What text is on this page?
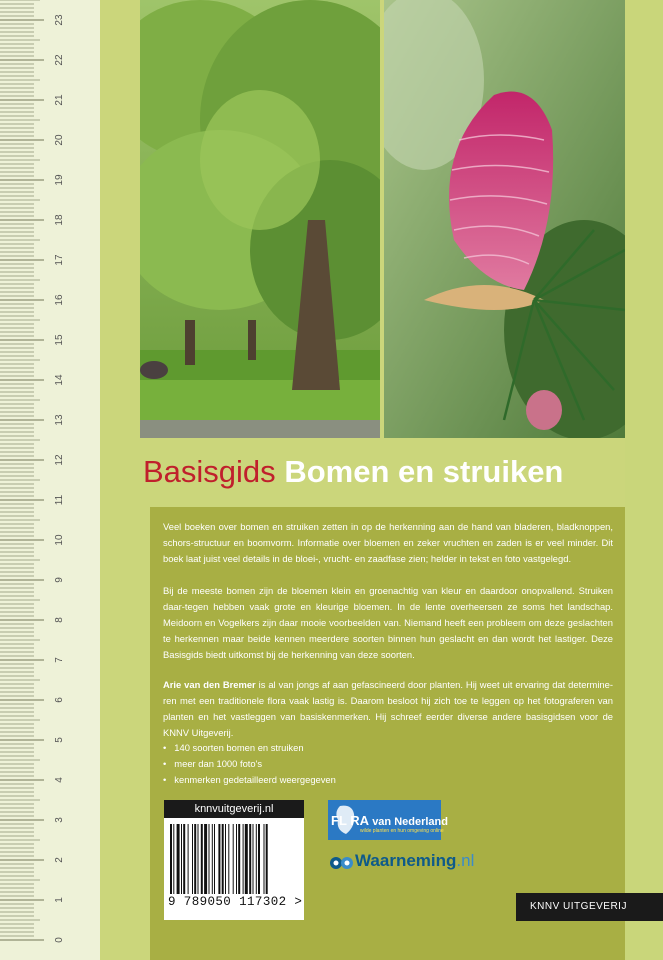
0
1
2
3
4
5
6
7
8
9
10
11
12
13
14
15
16
17
18
19
20
21
22
23
Basisgids Bomen en struiken
Veel boeken over bomen en struiken zetten in op de herkenning aan de hand van bladeren, bladknoppen, schors-structuur en boomvorm. Informatie over bloemen en zeker vruchten en zaden is er veel minder. Dit boek laat juist veel details in de bloei-, vrucht- en zaadfase zien; helder in tekst en foto vastgelegd.
Bij de meeste bomen zijn de bloemen klein en groenachtig van kleur en daardoor onopvallend. Struiken daar-tegen hebben vaak grote en kleurige bloemen. In de lente overheersen ze soms het landschap. Meidoorn en Vogelkers zijn daar mooie voorbeelden van. Niemand heeft een probleem om deze geslachten te herkennen maar beide kennen meerdere soorten binnen hun geslacht en dan wordt het lastiger. Deze Basisgids biedt uitkomst bij de herkenning van deze soorten.
Arie van den Bremer is al van jongs af aan gefascineerd door planten. Hij weet uit ervaring dat determine-ren met een traditionele flora vaak lastig is. Daarom besloot hij zich toe te leggen op het fotograferen van planten en het vastleggen van basiskenmerken. Hij schreef eerder diverse andere basisgidsen voor de KNNV Uitgeverij.
• 140 soorten bomen en struiken
• meer dan 1000 foto's
• kenmerken gedetailleerd weergegeven
knnvuitgeverij.nl
9 789050 117302 >
FL RA van Nederland
wilde planten en hun omgeving online
Waarneming.nl
KNNV UITGEVERIJ
